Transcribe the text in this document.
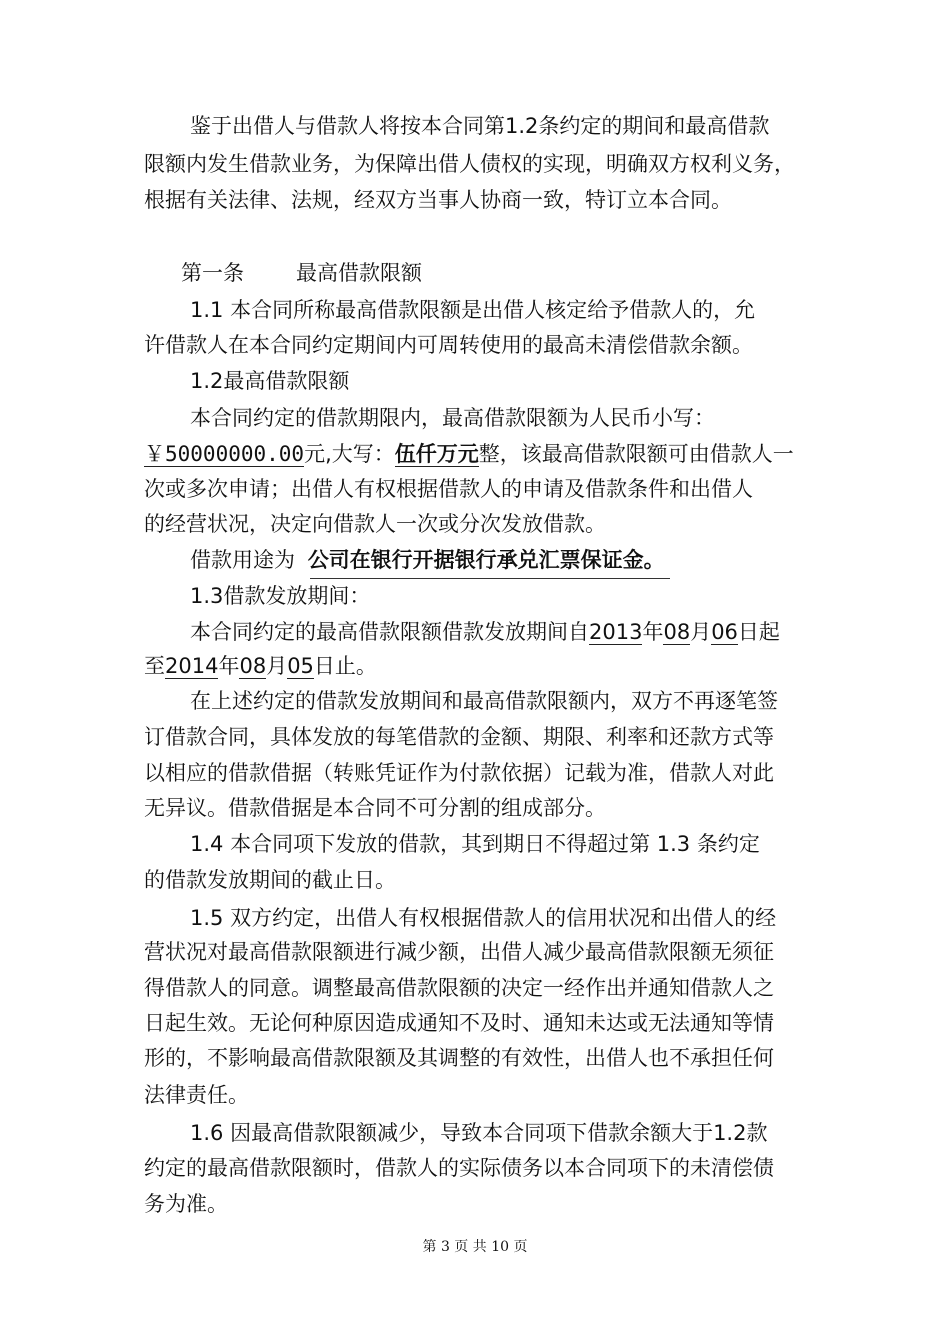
鉴于出借人与借款人将按本合同第1.2条约定的期间和最高借款
限额内发生借款业务，为保障出借人债权的实现，明确双方权利义务，
根据有关法律、法规，经双方当事人协商一致，特订立本合同。
第一条 最高借款限额
1.1 本合同所称最高借款限额是出借人核定给予借款人的，允
许借款人在本合同约定期间内可周转使用的最高未清偿借款余额。
1.2最高借款限额
本合同约定的借款期限内，最高借款限额为人民币小写：
￥50000000.00元,大写：伍仟万元整，该最高借款限额可由借款人一
次或多次申请；出借人有权根据借款人的申请及借款条件和出借人
的经营状况，决定向借款人一次或分次发放借款。
借款用途为 公司在银行开据银行承兑汇票保证金。
1.3借款发放期间：
本合同约定的最高借款限额借款发放期间自2013年08月06日起
至2014年08月05日止。
在上述约定的借款发放期间和最高借款限额内，双方不再逐笔签
订借款合同，具体发放的每笔借款的金额、期限、利率和还款方式等
以相应的借款借据（转账凭证作为付款依据）记载为准，借款人对此
无异议。借款借据是本合同不可分割的组成部分。
1.4 本合同项下发放的借款，其到期日不得超过第 1.3 条约定
的借款发放期间的截止日。
1.5 双方约定，出借人有权根据借款人的信用状况和出借人的经
营状况对最高借款限额进行减少额，出借人减少最高借款限额无须征
得借款人的同意。调整最高借款限额的决定一经作出并通知借款人之
日起生效。无论何种原因造成通知不及时、通知未达或无法通知等情
形的，不影响最高借款限额及其调整的有效性，出借人也不承担任何
法律责任。
1.6 因最高借款限额减少，导致本合同项下借款余额大于1.2款
约定的最高借款限额时，借款人的实际债务以本合同项下的未清偿债
务为准。
第 3 页 共 10 页
